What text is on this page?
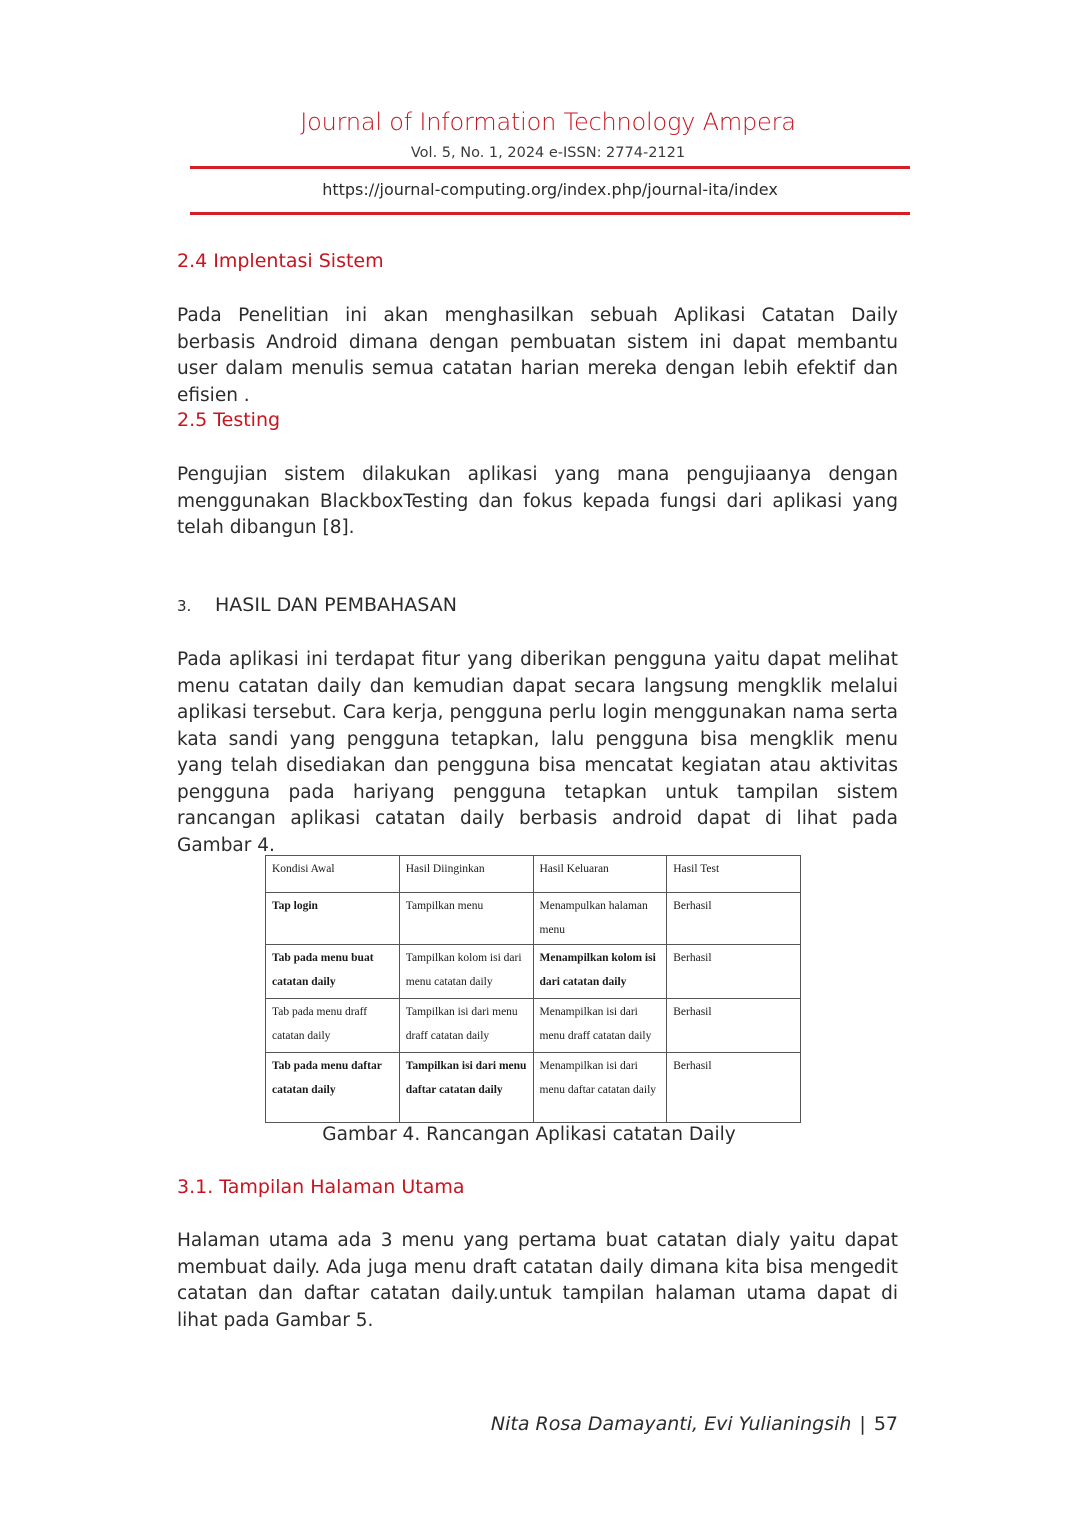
Journal of Information Technology Ampera
Vol. 5, No. 1, 2024 e-ISSN: 2774-2121
https://journal-computing.org/index.php/journal-ita/index
2.4 Implentasi Sistem
Pada Penelitian ini akan menghasilkan sebuah Aplikasi Catatan Daily berbasis Android dimana dengan pembuatan sistem ini dapat membantu user dalam menulis semua catatan harian mereka dengan lebih efektif dan efisien .
2.5 Testing
Pengujian sistem dilakukan aplikasi yang mana pengujiaanya dengan menggunakan BlackboxTesting dan fokus kepada fungsi dari aplikasi yang telah dibangun [8].
3. HASIL DAN PEMBAHASAN
Pada aplikasi ini terdapat fitur yang diberikan pengguna yaitu dapat melihat menu catatan daily dan kemudian dapat secara langsung mengklik melalui aplikasi tersebut. Cara kerja, pengguna perlu login menggunakan nama serta kata sandi yang pengguna tetapkan, lalu pengguna bisa mengklik menu yang telah disediakan dan pengguna bisa mencatat kegiatan atau aktivitas pengguna pada hariyang pengguna tetapkan untuk tampilan sistem rancangan aplikasi catatan daily berbasis android dapat di lihat pada Gambar 4.
Kondisi Awal	Hasil Diinginkan	Hasil Keluaran	Hasil Test
Tap login	Tampilkan menu	Menampulkan halaman menu	Berhasil
Tab pada menu buat catatan daily	Tampilkan kolom isi dari menu catatan daily	Menampilkan kolom isi dari catatan daily	Berhasil
Tab pada menu draff catatan daily	Tampilkan isi dari menu draff catatan daily	Menampilkan isi dari menu draff catatan daily	Berhasil
Tab pada menu daftar catatan daily	Tampilkan isi dari menu daftar catatan daily	Menampilkan isi dari menu daftar catatan daily	Berhasil
Gambar 4. Rancangan Aplikasi catatan Daily
3.1. Tampilan Halaman Utama
Halaman utama ada 3 menu yang pertama buat catatan dialy yaitu dapat membuat daily. Ada juga menu draft catatan daily dimana kita bisa mengedit catatan dan daftar catatan daily.untuk tampilan halaman utama dapat di lihat pada Gambar 5.
Nita Rosa Damayanti, Evi Yulianingsih | 57
